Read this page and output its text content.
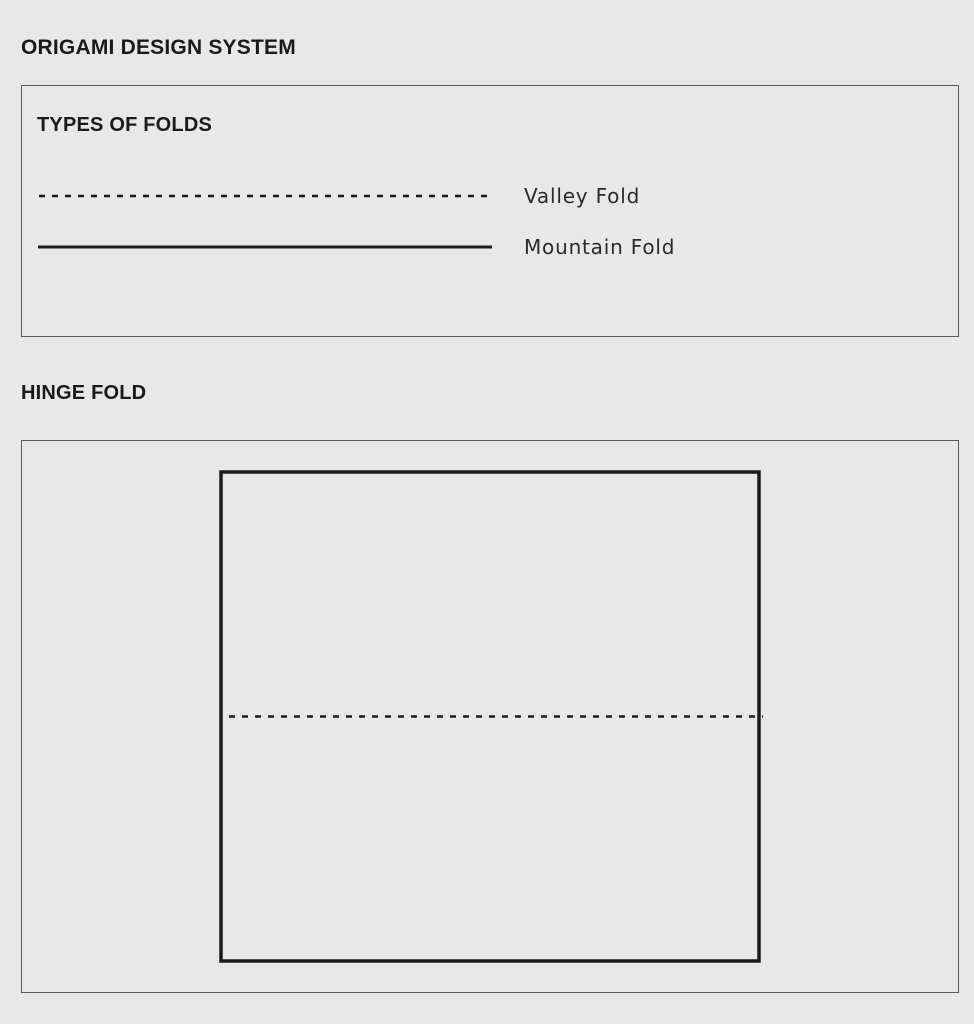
ORIGAMI DESIGN SYSTEM
TYPES OF FOLDS
Valley Fold
Mountain Fold
HINGE FOLD
